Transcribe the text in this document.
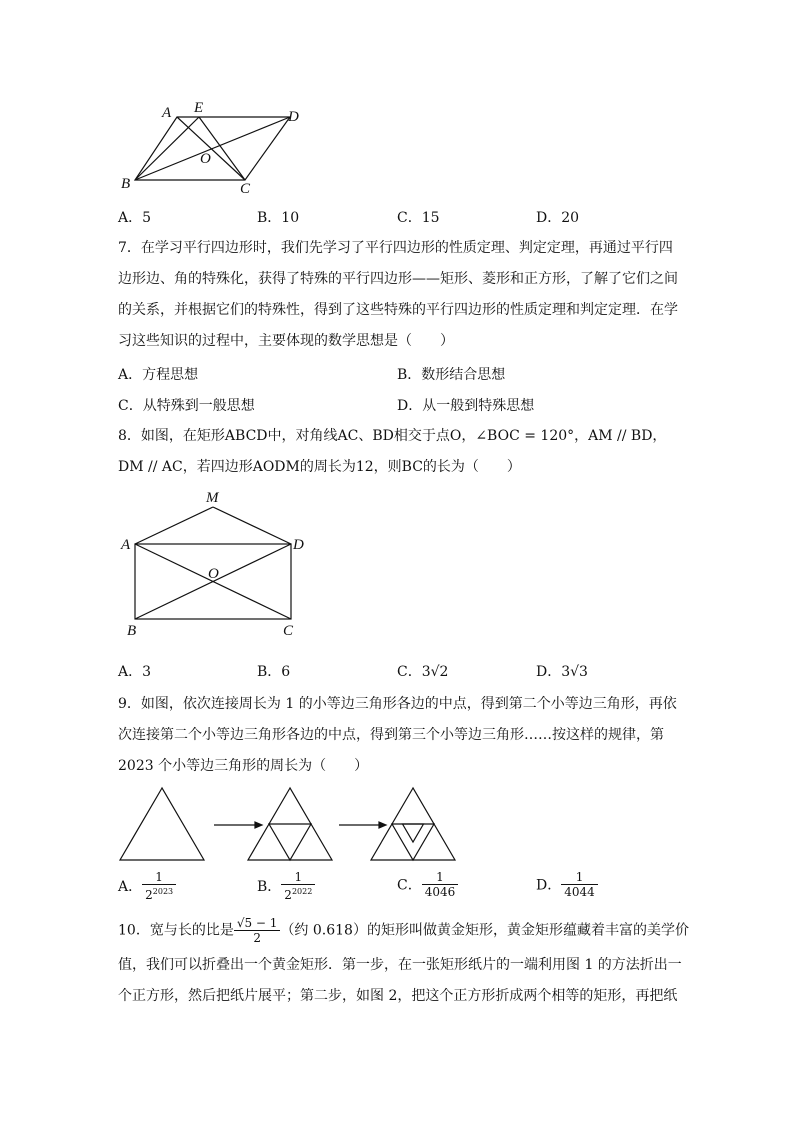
A E
D
O
B	C
A．5	B．10	C．15	D．20
7．在学习平行四边形时，我们先学习了平行四边形的性质定理、判定定理，再通过平行四
边形边、角的特殊化，获得了特殊的平行四边形——矩形、菱形和正方形，了解了它们之间
的关系，并根据它们的特殊性，得到了这些特殊的平行四边形的性质定理和判定定理．在学
习这些知识的过程中，主要体现的数学思想是（　　）
A．方程思想	B．数形结合思想
C．从特殊到一般思想	D．从一般到特殊思想
8．如图，在矩形ABCD中，对角线AC、BD相交于点O，∠BOC = 120°，AM // BD，
DM // AC，若四边形AODM的周长为12，则BC的长为（　　）
M
A	D
O
B	C
A．3	B．6	C．3√2	D．3√3
9．如图，依次连接周长为 1 的小等边三角形各边的中点，得到第二个小等边三角形，再依
次连接第二个小等边三角形各边的中点，得到第三个小等边三角形……按这样的规律，第
2023 个小等边三角形的周长为（　　）
A． $\frac{1}{2^{2023}}$	B． $\frac{1}{2^{2022}}$	C． $\frac{1}{4046}$	D． $\frac{1}{4044}$
10．宽与长的比是 $\frac{√5 - 1}{2}$ （约 0.618）的矩形叫做黄金矩形，黄金矩形蕴藏着丰富的美学价
值，我们可以折叠出一个黄金矩形．第一步，在一张矩形纸片的一端利用图 1 的方法折出一
个正方形，然后把纸片展平；第二步，如图 2，把这个正方形折成两个相等的矩形，再把纸
